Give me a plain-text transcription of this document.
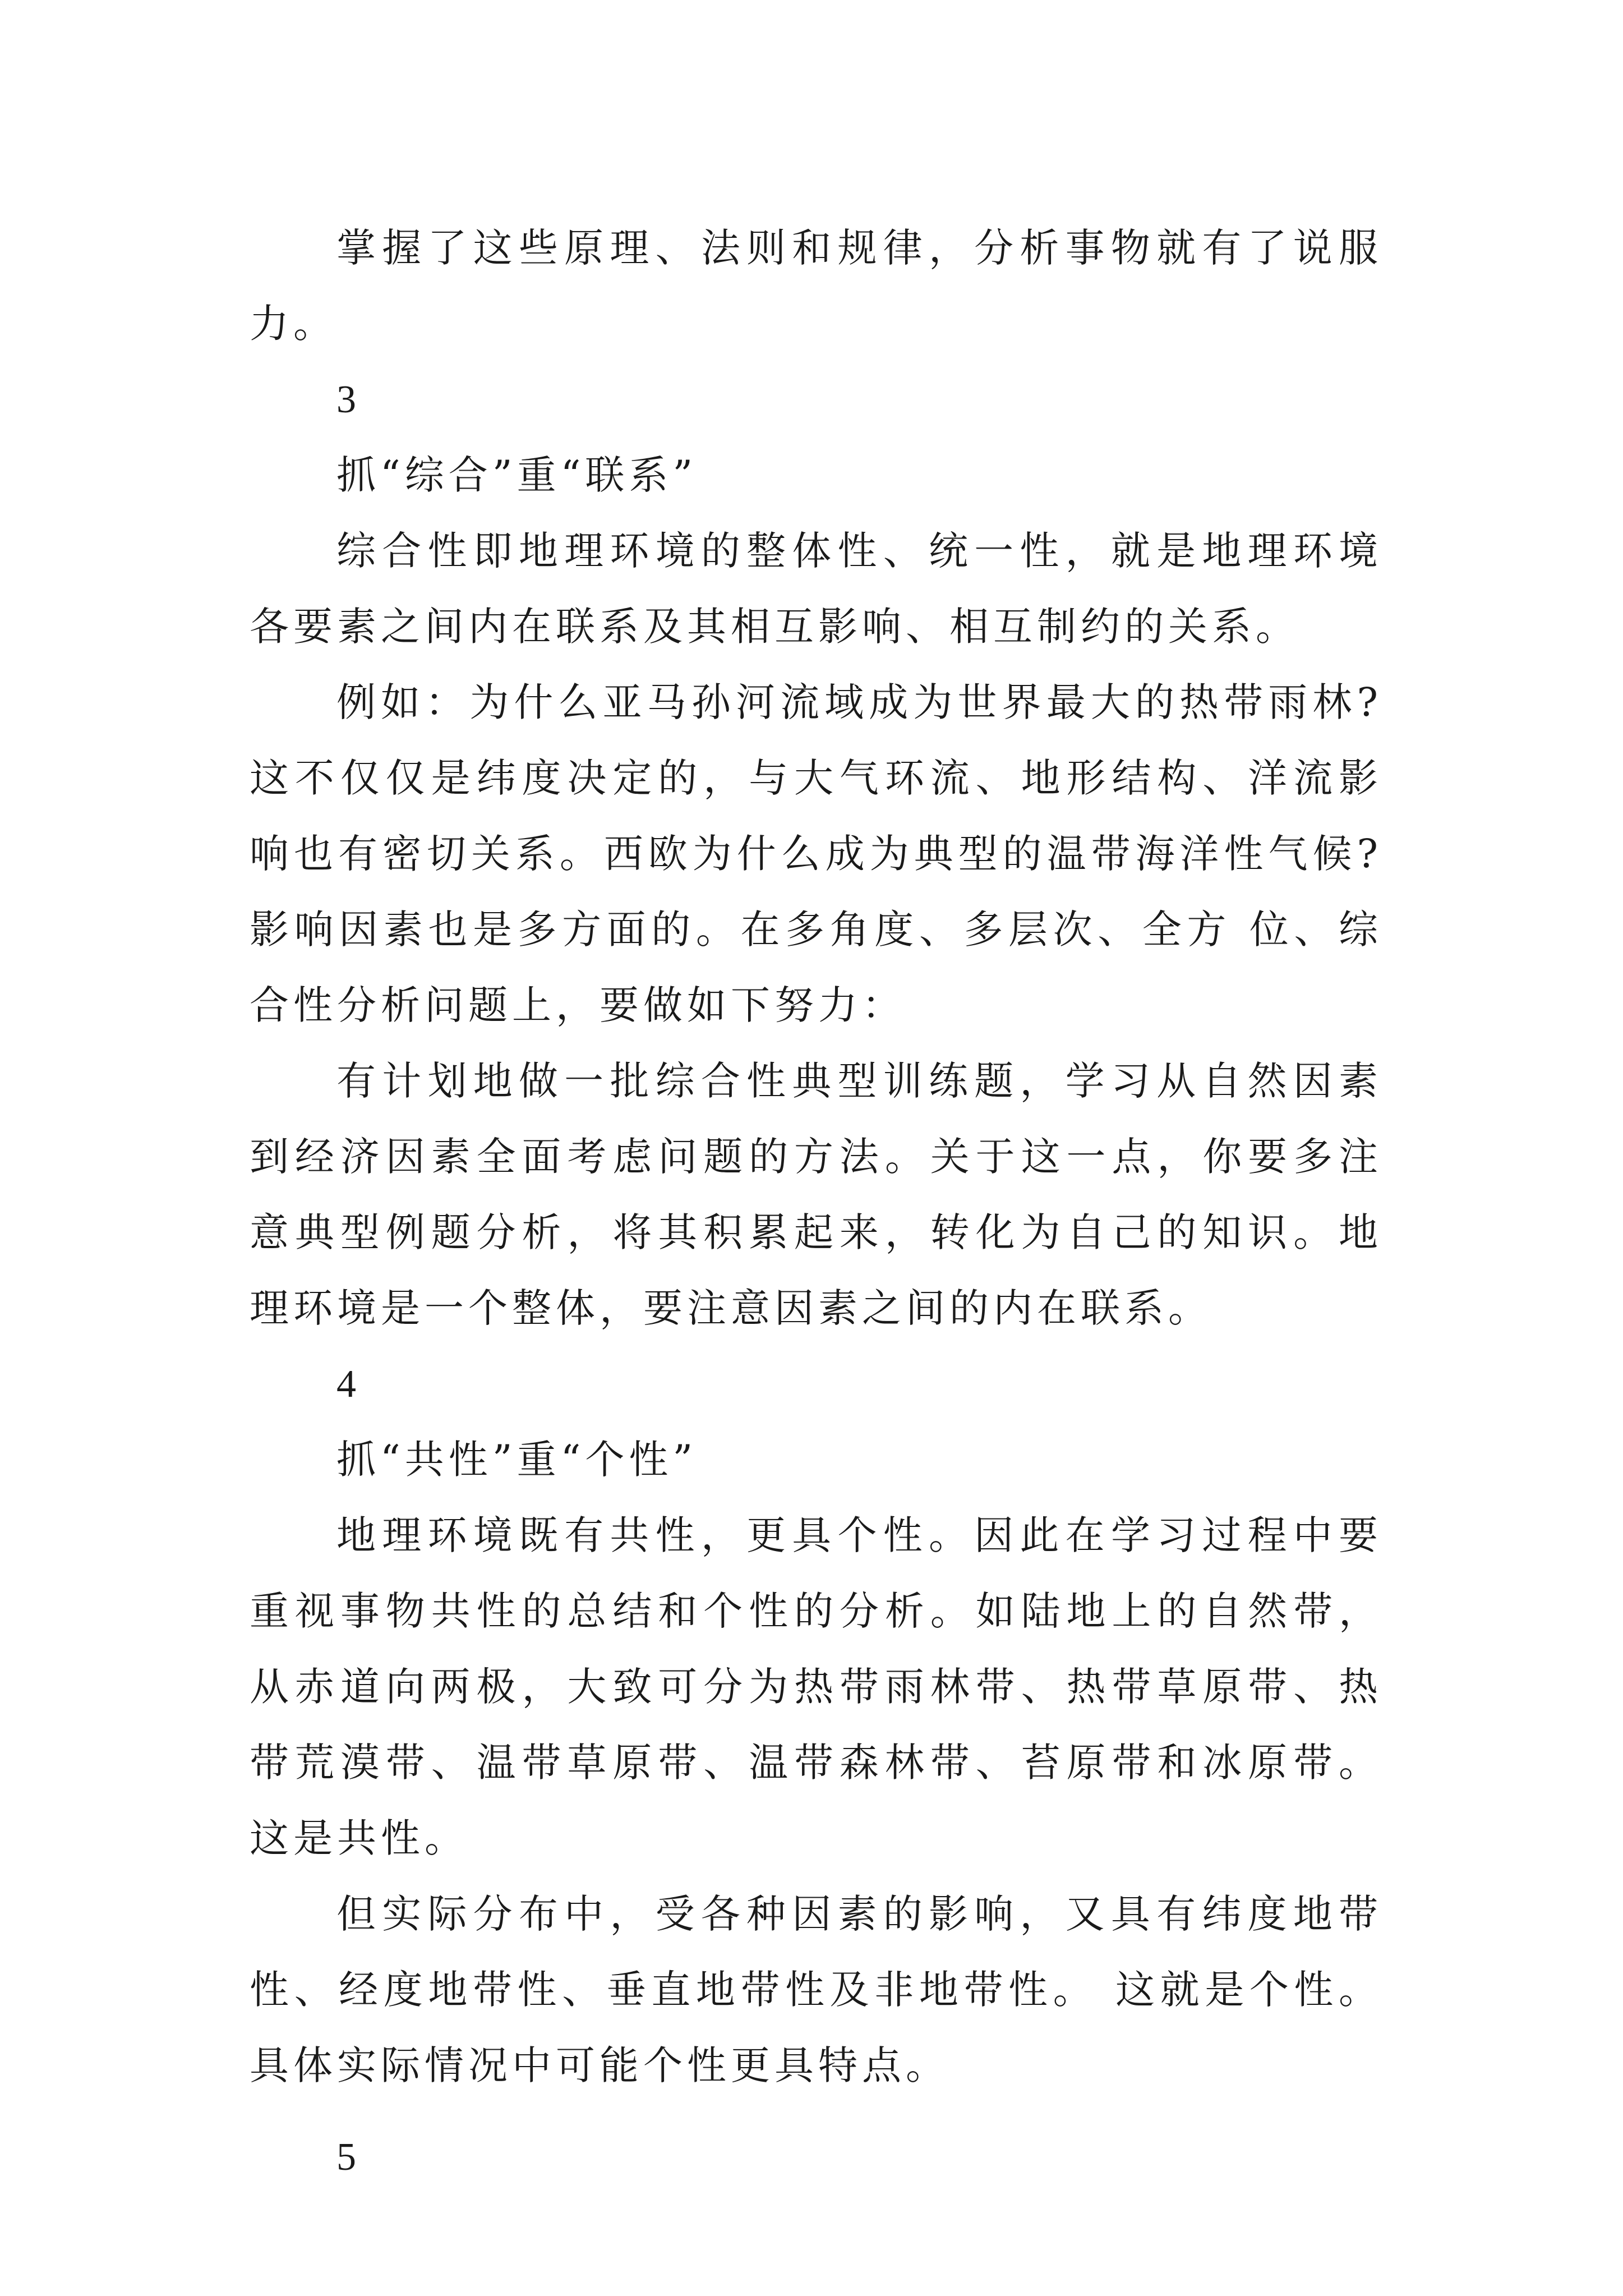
掌握了这些原理、法则和规律，分析事物就有了说服力。

3

抓“综合”重“联系”

综合性即地理环境的整体性、统一性，就是地理环境各要素之间内在联系及其相互影响、相互制约的关系。

例如：为什么亚马孙河流域成为世界最大的热带雨林?这不仅仅是纬度决定的，与大气环流、地形结构、洋流影响也有密切关系。西欧为什么成为典型的温带海洋性气候?影响因素也是多方面的。在多角度、多层次、全方 位、综合性分析问题上，要做如下努力：

有计划地做一批综合性典型训练题，学习从自然因素到经济因素全面考虑问题的方法。关于这一点，你要多注意典型例题分析，将其积累起来，转化为自己的知识。地理环境是一个整体，要注意因素之间的内在联系。

4

抓“共性”重“个性”

地理环境既有共性，更具个性。因此在学习过程中要重视事物共性的总结和个性的分析。如陆地上的自然带，从赤道向两极，大致可分为热带雨林带、热带草原带、热带荒漠带、温带草原带、温带森林带、苔原带和冰原带。这是共性。

但实际分布中，受各种因素的影响，又具有纬度地带性、经度地带性、垂直地带性及非地带性。 这就是个性。具体实际情况中可能个性更具特点。

5
